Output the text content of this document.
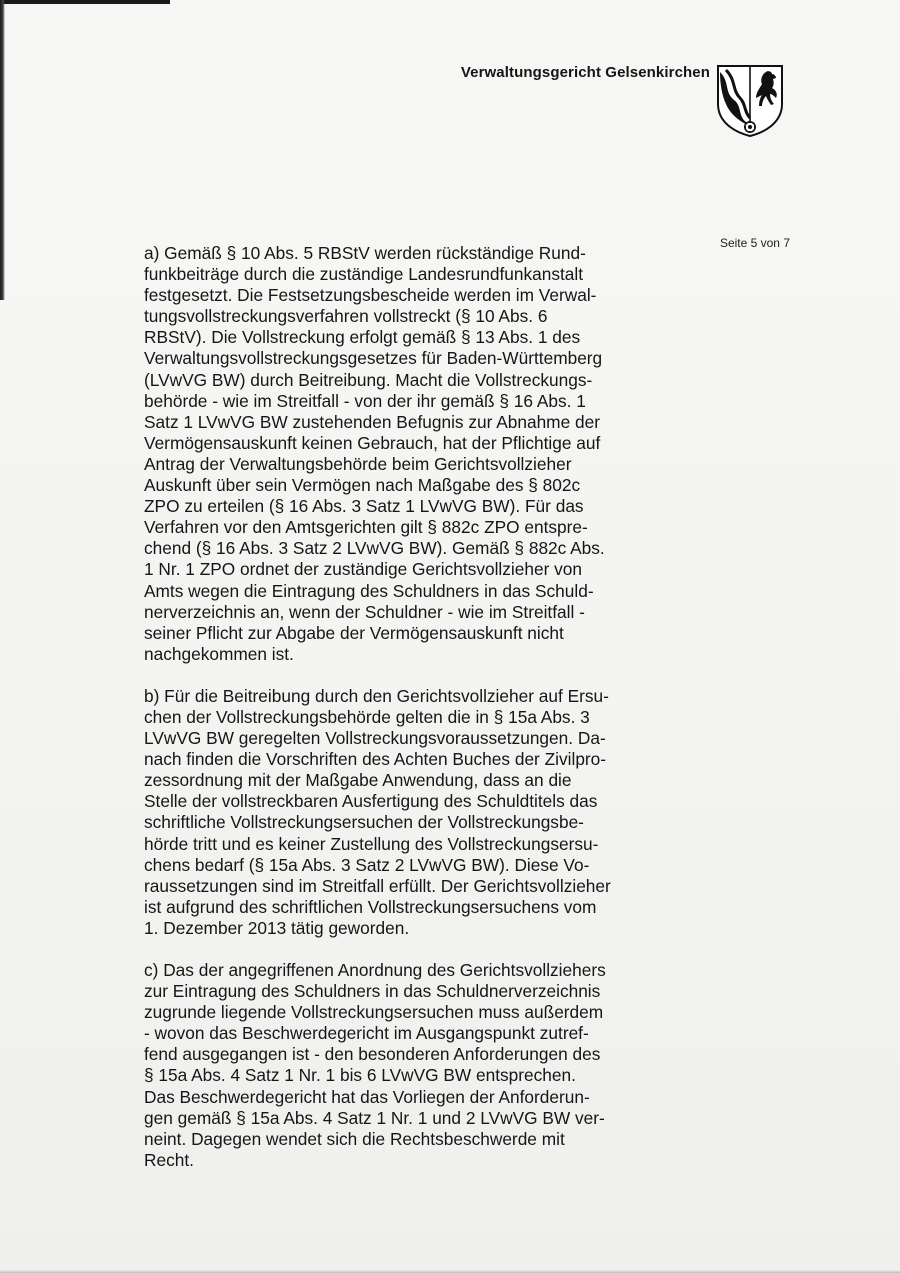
Verwaltungsgericht Gelsenkirchen
Seite 5 von 7

a) Gemäß § 10 Abs. 5 RBStV werden rückständige Rund-
funkbeiträge durch die zuständige Landesrundfunkanstalt
festgesetzt. Die Festsetzungsbescheide werden im Verwal-
tungsvollstreckungsverfahren vollstreckt (§ 10 Abs. 6
RBStV). Die Vollstreckung erfolgt gemäß § 13 Abs. 1 des
Verwaltungsvollstreckungsgesetzes für Baden-Württemberg
(LVwVG BW) durch Beitreibung. Macht die Vollstreckungs-
behörde - wie im Streitfall - von der ihr gemäß § 16 Abs. 1
Satz 1 LVwVG BW zustehenden Befugnis zur Abnahme der
Vermögensauskunft keinen Gebrauch, hat der Pflichtige auf
Antrag der Verwaltungsbehörde beim Gerichtsvollzieher
Auskunft über sein Vermögen nach Maßgabe des § 802c
ZPO zu erteilen (§ 16 Abs. 3 Satz 1 LVwVG BW). Für das
Verfahren vor den Amtsgerichten gilt § 882c ZPO entspre-
chend (§ 16 Abs. 3 Satz 2 LVwVG BW). Gemäß § 882c Abs.
1 Nr. 1 ZPO ordnet der zuständige Gerichtsvollzieher von
Amts wegen die Eintragung des Schuldners in das Schuld-
nerverzeichnis an, wenn der Schuldner - wie im Streitfall -
seiner Pflicht zur Abgabe der Vermögensauskunft nicht
nachgekommen ist.

b) Für die Beitreibung durch den Gerichtsvollzieher auf Ersu-
chen der Vollstreckungsbehörde gelten die in § 15a Abs. 3
LVwVG BW geregelten Vollstreckungsvoraussetzungen. Da-
nach finden die Vorschriften des Achten Buches der Zivilpro-
zessordnung mit der Maßgabe Anwendung, dass an die
Stelle der vollstreckbaren Ausfertigung des Schuldtitels das
schriftliche Vollstreckungsersuchen der Vollstreckungsbe-
hörde tritt und es keiner Zustellung des Vollstreckungsersu-
chens bedarf (§ 15a Abs. 3 Satz 2 LVwVG BW). Diese Vo-
raussetzungen sind im Streitfall erfüllt. Der Gerichtsvollzieher
ist aufgrund des schriftlichen Vollstreckungsersuchens vom
1. Dezember 2013 tätig geworden.

c) Das der angegriffenen Anordnung des Gerichtsvollziehers
zur Eintragung des Schuldners in das Schuldnerverzeichnis
zugrunde liegende Vollstreckungsersuchen muss außerdem
- wovon das Beschwerdegericht im Ausgangspunkt zutref-
fend ausgegangen ist - den besonderen Anforderungen des
§ 15a Abs. 4 Satz 1 Nr. 1 bis 6 LVwVG BW entsprechen.
Das Beschwerdegericht hat das Vorliegen der Anforderun-
gen gemäß § 15a Abs. 4 Satz 1 Nr. 1 und 2 LVwVG BW ver-
neint. Dagegen wendet sich die Rechtsbeschwerde mit
Recht.
